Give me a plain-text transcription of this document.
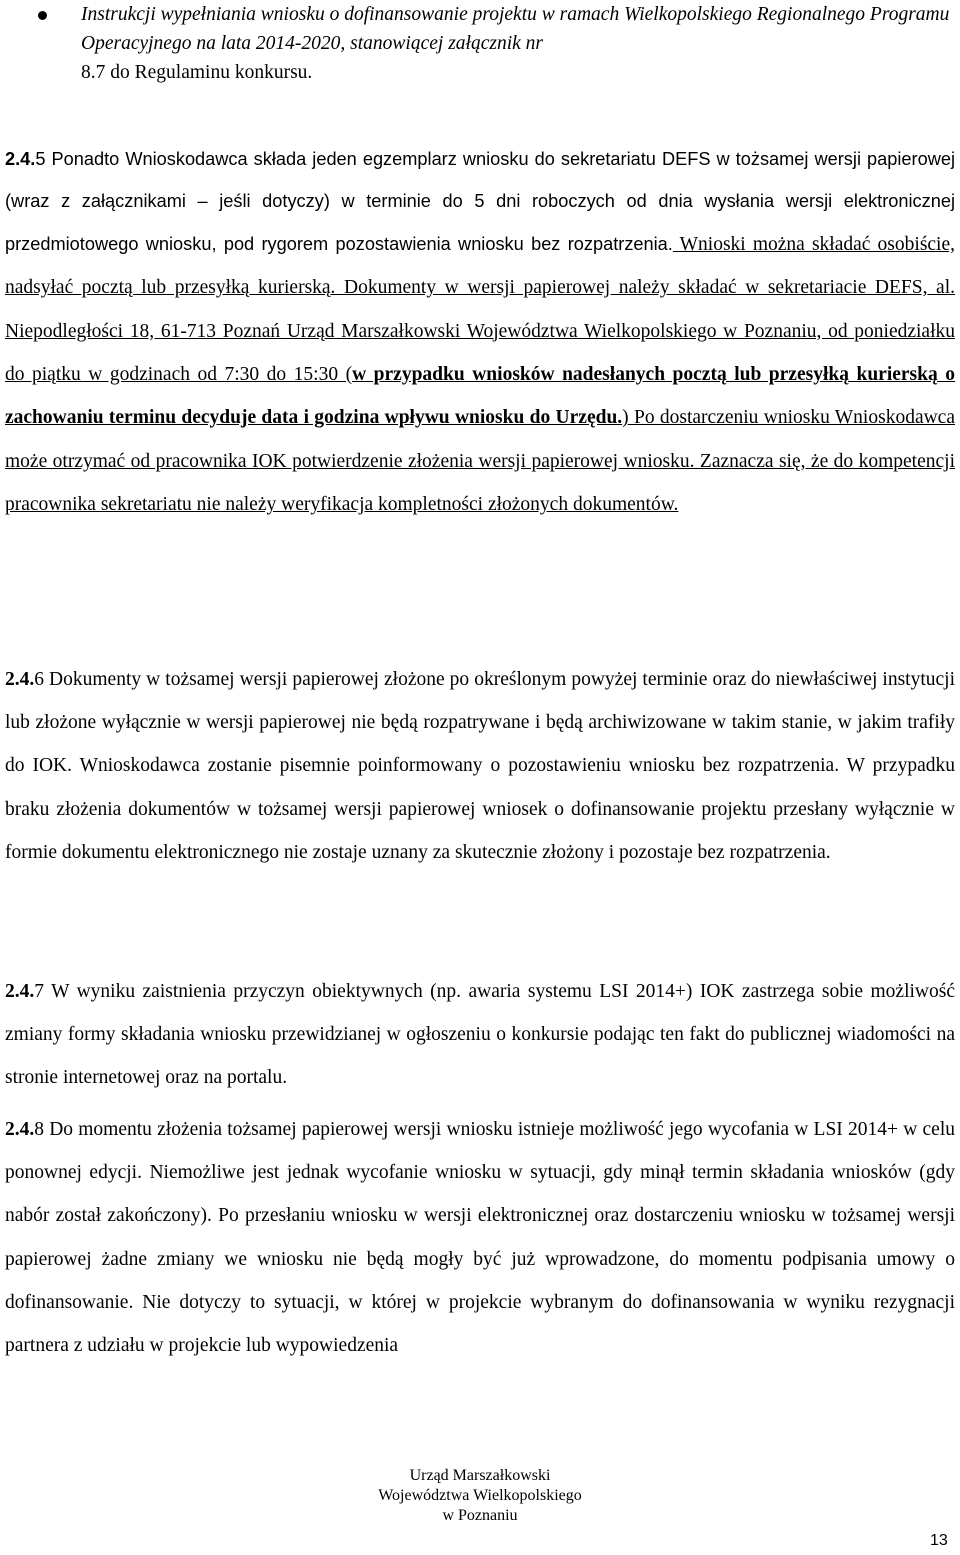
Instrukcji wypełniania wniosku o dofinansowanie projektu w ramach Wielkopolskiego Regionalnego Programu Operacyjnego na lata 2014-2020, stanowiącej załącznik nr
8.7 do Regulaminu konkursu.
2.4.5 Ponadto Wnioskodawca składa jeden egzemplarz wniosku do sekretariatu DEFS w tożsamej wersji papierowej (wraz z załącznikami – jeśli dotyczy) w terminie do 5 dni roboczych od dnia wysłania wersji elektronicznej przedmiotowego wniosku, pod rygorem pozostawienia wniosku bez rozpatrzenia. Wnioski można składać osobiście, nadsyłać pocztą lub przesyłką kurierską. Dokumenty w wersji papierowej należy składać w sekretariacie DEFS, al. Niepodległości 18, 61-713 Poznań Urząd Marszałkowski Województwa Wielkopolskiego w Poznaniu, od poniedziałku do piątku w godzinach od 7:30 do 15:30 (w przypadku wniosków nadesłanych pocztą lub przesyłką kurierską o zachowaniu terminu decyduje data i godzina wpływu wniosku do Urzędu.) Po dostarczeniu wniosku Wnioskodawca może otrzymać od pracownika IOK potwierdzenie złożenia wersji papierowej wniosku. Zaznacza się, że do kompetencji pracownika sekretariatu nie należy weryfikacja kompletności złożonych dokumentów.
2.4.6 Dokumenty w tożsamej wersji papierowej złożone po określonym powyżej terminie oraz do niewłaściwej instytucji lub złożone wyłącznie w wersji papierowej nie będą rozpatrywane i będą archiwizowane w takim stanie, w jakim trafiły do IOK. Wnioskodawca zostanie pisemnie poinformowany o pozostawieniu wniosku bez rozpatrzenia. W przypadku braku złożenia dokumentów w tożsamej wersji papierowej wniosek o dofinansowanie projektu przesłany wyłącznie w formie dokumentu elektronicznego nie zostaje uznany za skutecznie złożony i pozostaje bez rozpatrzenia.
2.4.7 W wyniku zaistnienia przyczyn obiektywnych (np. awaria systemu LSI 2014+) IOK zastrzega sobie możliwość zmiany formy składania wniosku przewidzianej w ogłoszeniu o konkursie podając ten fakt do publicznej wiadomości na stronie internetowej oraz na portalu.
2.4.8 Do momentu złożenia tożsamej papierowej wersji wniosku istnieje możliwość jego wycofania w LSI 2014+ w celu ponownej edycji. Niemożliwe jest jednak wycofanie wniosku w sytuacji, gdy minął termin składania wniosków (gdy nabór został zakończony). Po przesłaniu wniosku w wersji elektronicznej oraz dostarczeniu wniosku w tożsamej wersji papierowej żadne zmiany we wniosku nie będą mogły być już wprowadzone, do momentu podpisania umowy o dofinansowanie. Nie dotyczy to sytuacji, w której w projekcie wybranym do dofinansowania w wyniku rezygnacji partnera z udziału w projekcie lub wypowiedzenia
Urząd Marszałkowski
Województwa Wielkopolskiego
w Poznaniu
13
